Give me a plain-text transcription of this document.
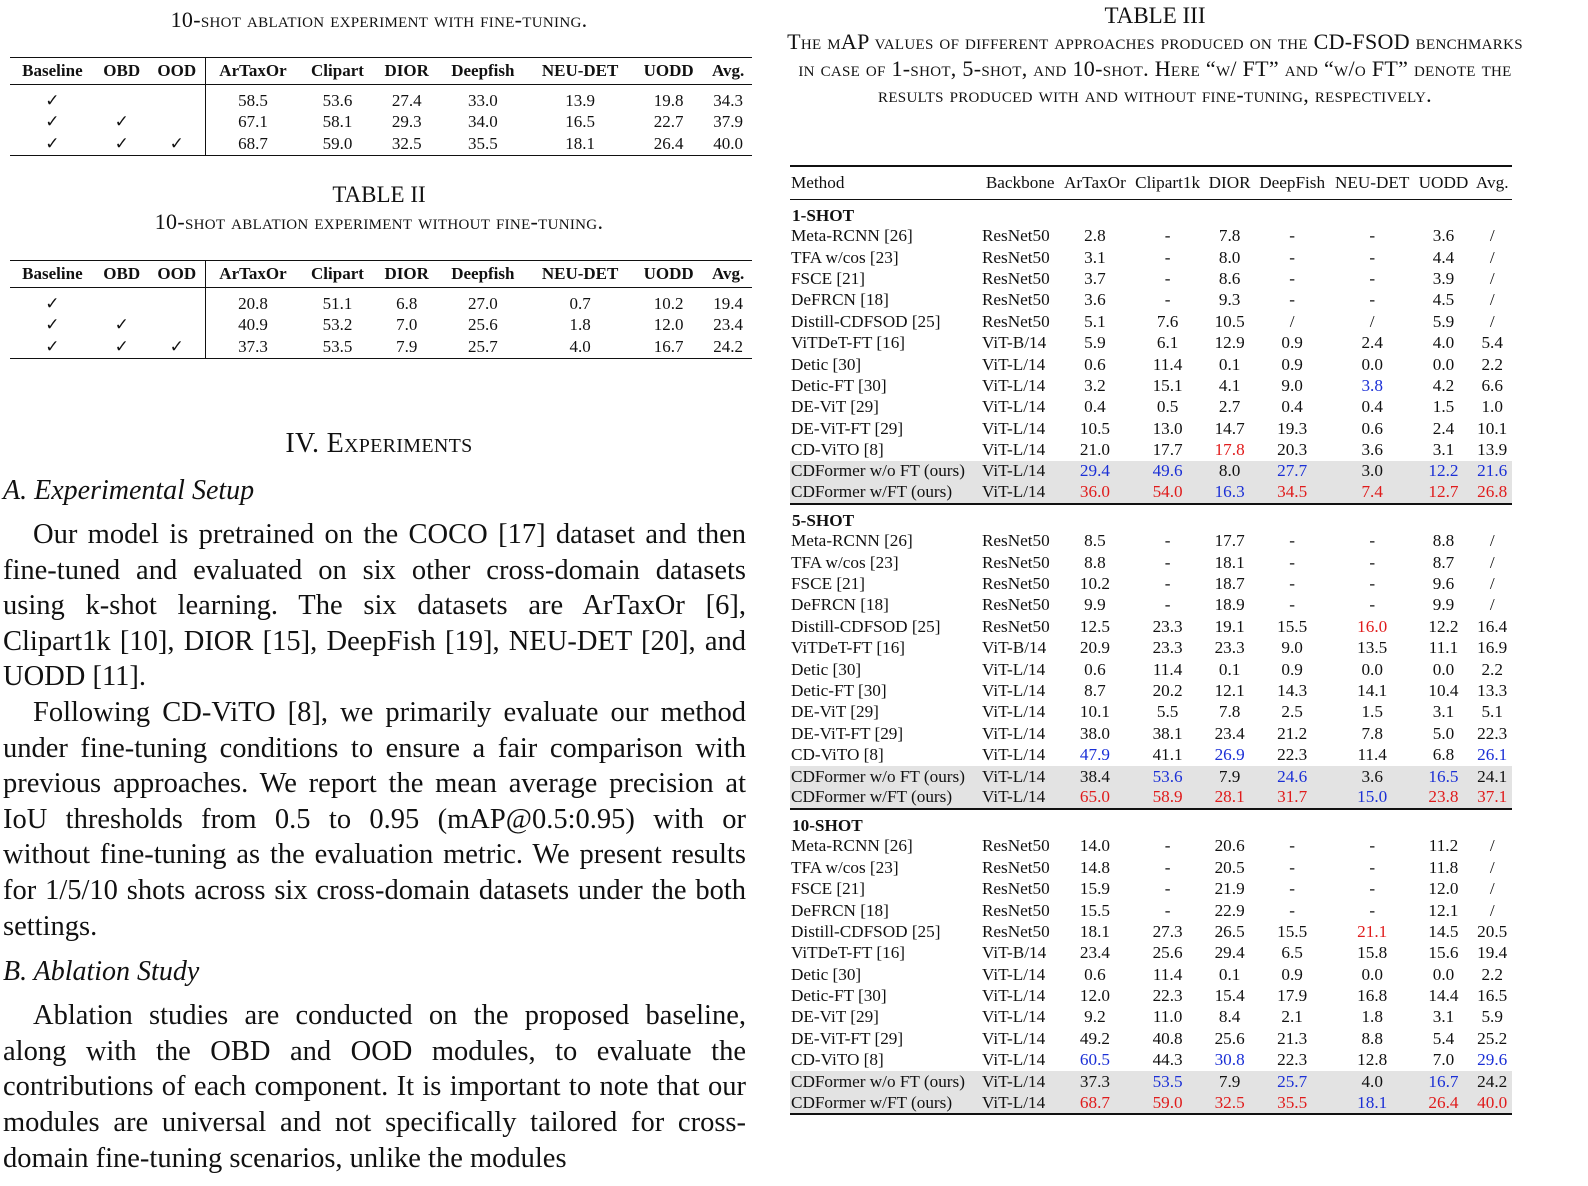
10-shot ablation experiment with fine-tuning.
Baseline	OBD	OOD	ArTaxOr	Clipart	DIOR	Deepfish	NEU-DET	UODD	Avg.
✓			58.5	53.6	27.4	33.0	13.9	19.8	34.3
✓	✓		67.1	58.1	29.3	34.0	16.5	22.7	37.9
✓	✓	✓	68.7	59.0	32.5	35.5	18.1	26.4	40.0
TABLE II
10-shot ablation experiment without fine-tuning.
Baseline	OBD	OOD	ArTaxOr	Clipart	DIOR	Deepfish	NEU-DET	UODD	Avg.
✓			20.8	51.1	6.8	27.0	0.7	10.2	19.4
✓	✓		40.9	53.2	7.0	25.6	1.8	12.0	23.4
✓	✓	✓	37.3	53.5	7.9	25.7	4.0	16.7	24.2
IV. Experiments
A. Experimental Setup

Our model is pretrained on the COCO [17] dataset and then fine-tuned and evaluated on six other cross-domain datasets using k-shot learning. The six datasets are ArTaxOr [6], Clipart1k [10], DIOR [15], DeepFish [19], NEU-DET [20], and UODD [11].

Following CD-ViTO [8], we primarily evaluate our method under fine-tuning conditions to ensure a fair comparison with previous approaches. We report the mean average precision at IoU thresholds from 0.5 to 0.95 (mAP@0.5:0.95) with or without fine-tuning as the evaluation metric. We present results for 1/5/10 shots across six cross-domain datasets under the both settings.

B. Ablation Study

Ablation studies are conducted on the proposed baseline, along with the OBD and OOD modules, to evaluate the contributions of each component. It is important to note that our modules are universal and not specifically tailored for cross-domain fine-tuning scenarios, unlike the modules

TABLE III
The mAP values of different approaches produced on the CD-FSOD benchmarks in case of 1-shot, 5-shot, and 10-shot. Here “w/ FT” and “w/o FT” denote the results produced with and without fine-tuning, respectively.
Method	Backbone	ArTaxOr	Clipart1k	DIOR	DeepFish	NEU-DET	UODD	Avg.
1-SHOT								
Meta-RCNN [26]	ResNet50	2.8	-	7.8	-	-	3.6	/
TFA w/cos [23]	ResNet50	3.1	-	8.0	-	-	4.4	/
FSCE [21]	ResNet50	3.7	-	8.6	-	-	3.9	/
DeFRCN [18]	ResNet50	3.6	-	9.3	-	-	4.5	/
Distill-CDFSOD [25]	ResNet50	5.1	7.6	10.5	/	/	5.9	/
ViTDeT-FT [16]	ViT-B/14	5.9	6.1	12.9	0.9	2.4	4.0	5.4
Detic [30]	ViT-L/14	0.6	11.4	0.1	0.9	0.0	0.0	2.2
Detic-FT [30]	ViT-L/14	3.2	15.1	4.1	9.0	3.8	4.2	6.6
DE-ViT [29]	ViT-L/14	0.4	0.5	2.7	0.4	0.4	1.5	1.0
DE-ViT-FT [29]	ViT-L/14	10.5	13.0	14.7	19.3	0.6	2.4	10.1
CD-ViTO [8]	ViT-L/14	21.0	17.7	17.8	20.3	3.6	3.1	13.9
CDFormer w/o FT (ours)	ViT-L/14	29.4	49.6	8.0	27.7	3.0	12.2	21.6
CDFormer w/FT (ours)	ViT-L/14	36.0	54.0	16.3	34.5	7.4	12.7	26.8
5-SHOT								
Meta-RCNN [26]	ResNet50	8.5	-	17.7	-	-	8.8	/
TFA w/cos [23]	ResNet50	8.8	-	18.1	-	-	8.7	/
FSCE [21]	ResNet50	10.2	-	18.7	-	-	9.6	/
DeFRCN [18]	ResNet50	9.9	-	18.9	-	-	9.9	/
Distill-CDFSOD [25]	ResNet50	12.5	23.3	19.1	15.5	16.0	12.2	16.4
ViTDeT-FT [16]	ViT-B/14	20.9	23.3	23.3	9.0	13.5	11.1	16.9
Detic [30]	ViT-L/14	0.6	11.4	0.1	0.9	0.0	0.0	2.2
Detic-FT [30]	ViT-L/14	8.7	20.2	12.1	14.3	14.1	10.4	13.3
DE-ViT [29]	ViT-L/14	10.1	5.5	7.8	2.5	1.5	3.1	5.1
DE-ViT-FT [29]	ViT-L/14	38.0	38.1	23.4	21.2	7.8	5.0	22.3
CD-ViTO [8]	ViT-L/14	47.9	41.1	26.9	22.3	11.4	6.8	26.1
CDFormer w/o FT (ours)	ViT-L/14	38.4	53.6	7.9	24.6	3.6	16.5	24.1
CDFormer w/FT (ours)	ViT-L/14	65.0	58.9	28.1	31.7	15.0	23.8	37.1
10-SHOT								
Meta-RCNN [26]	ResNet50	14.0	-	20.6	-	-	11.2	/
TFA w/cos [23]	ResNet50	14.8	-	20.5	-	-	11.8	/
FSCE [21]	ResNet50	15.9	-	21.9	-	-	12.0	/
DeFRCN [18]	ResNet50	15.5	-	22.9	-	-	12.1	/
Distill-CDFSOD [25]	ResNet50	18.1	27.3	26.5	15.5	21.1	14.5	20.5
ViTDeT-FT [16]	ViT-B/14	23.4	25.6	29.4	6.5	15.8	15.6	19.4
Detic [30]	ViT-L/14	0.6	11.4	0.1	0.9	0.0	0.0	2.2
Detic-FT [30]	ViT-L/14	12.0	22.3	15.4	17.9	16.8	14.4	16.5
DE-ViT [29]	ViT-L/14	9.2	11.0	8.4	2.1	1.8	3.1	5.9
DE-ViT-FT [29]	ViT-L/14	49.2	40.8	25.6	21.3	8.8	5.4	25.2
CD-ViTO [8]	ViT-L/14	60.5	44.3	30.8	22.3	12.8	7.0	29.6
CDFormer w/o FT (ours)	ViT-L/14	37.3	53.5	7.9	25.7	4.0	16.7	24.2
CDFormer w/FT (ours)	ViT-L/14	68.7	59.0	32.5	35.5	18.1	26.4	40.0
